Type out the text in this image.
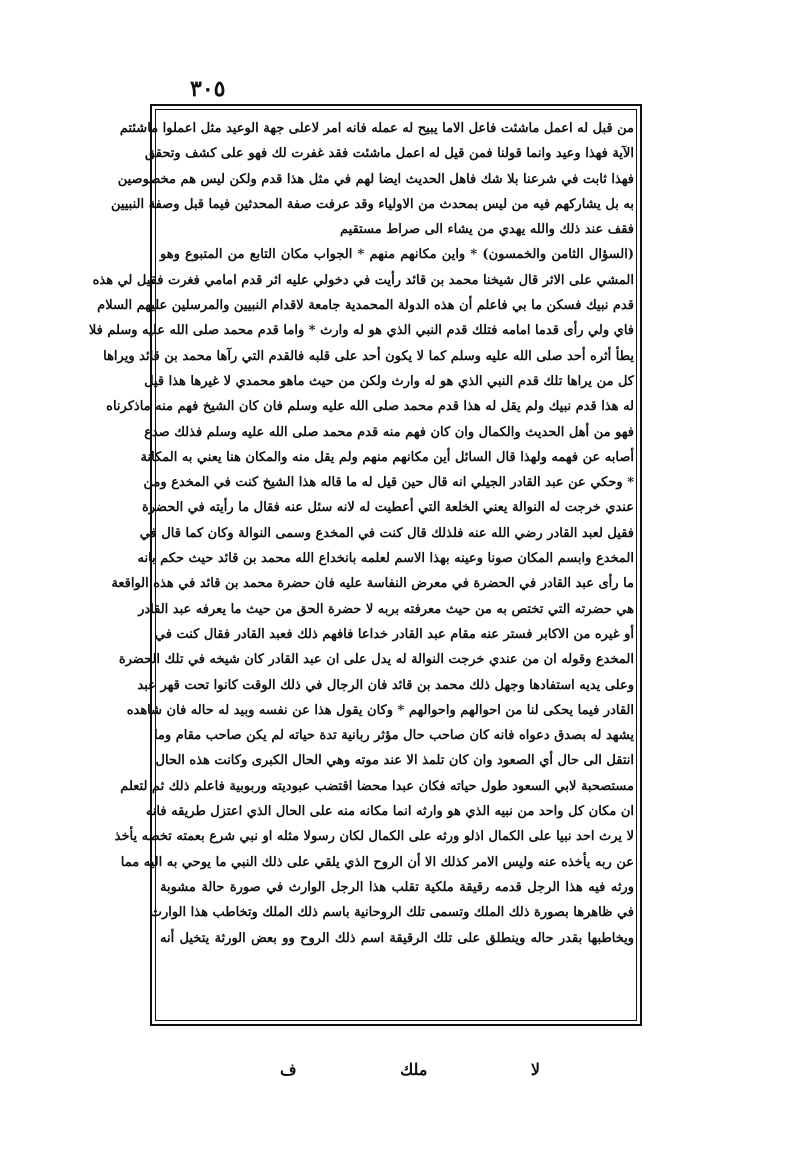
٣٠٥
من قبل له اعمل ماشئت فاعل الاما يبيح له عمله فانه امر لاعلى جهة الوعيد مثل اعملوا ماشئتم
الآية فهذا وعيد وانما قولنا فمن قيل له اعمل ماشئت فقد غفرت لك فهو على كشف وتحقق
فهذا ثابت في شرعنا بلا شك فاهل الحديث ايضا لهم في مثل هذا قدم ولكن ليس هم مخصوصين
به بل يشاركهم فيه من ليس بمحدث من الاولياء وقد عرفت صفة المحدثين فيما قبل وصفة النبيين
فقف عند ذلك والله يهدي من يشاء الى صراط مستقيم
(السؤال الثامن والخمسون) * واين مكانهم منهم * الجواب مكان التابع من المتبوع وهو
المشي على الاثر قال شيخنا محمد بن قائد رأيت في دخولي عليه اثر قدم امامي فغرت فقيل لي هذه
قدم نبيك فسكن ما بي فاعلم أن هذه الدولة المحمدية جامعة لاقدام النبيين والمرسلين عليهم السلام
فاي ولي رأى قدما امامه فتلك قدم النبي الذي هو له وارث * واما قدم محمد صلى الله عليه وسلم فلا
يطأ أثره أحد صلى الله عليه وسلم كما لا يكون أحد على قلبه فالقدم التي رآها محمد بن قائد ويراها
كل من يراها تلك قدم النبي الذي هو له وارث ولكن من حيث ماهو محمدي لا غيرها هذا قيل
له هذا قدم نبيك ولم يقل له هذا قدم محمد صلى الله عليه وسلم فان كان الشيخ فهم منه ماذكرناه
فهو من أهل الحديث والكمال وان كان فهم منه قدم محمد صلى الله عليه وسلم فذلك صدع
أصابه عن فهمه ولهذا قال السائل أين مكانهم منهم ولم يقل منه والمكان هنا يعني به المكانة
* وحكي عن عبد القادر الجيلي انه قال حين قيل له ما قاله هذا الشيخ كنت في المخدع ومن
عندي خرجت له النوالة يعني الخلعة التي أعطيت له لانه سئل عنه فقال ما رأيته في الحضرة
فقيل لعبد القادر رضي الله عنه فلذلك قال كنت في المخدع وسمى النوالة وكان كما قال في
المخدع وابسم المكان صونا وعينه بهذا الاسم لعلمه بانخداع الله محمد بن قائد حيث حكم بانه
ما رأى عبد القادر في الحضرة في معرض النفاسة عليه فان حضرة محمد بن قائد في هذه الواقعة
هي حضرته التي تختص به من حيث معرفته بربه لا حضرة الحق من حيث ما يعرفه عبد القادر
أو غيره من الاكابر فستر عنه مقام عبد القادر خداعا فافهم ذلك فعبد القادر فقال كنت في
المخدع وقوله ان من عندي خرجت النوالة له يدل على ان عبد القادر كان شيخه في تلك الحضرة
وعلى يديه استفادها وجهل ذلك محمد بن قائد فان الرجال في ذلك الوقت كانوا تحت قهر عبد
القادر فيما يحكى لنا من احوالهم واحوالهم * وكان يقول هذا عن نفسه وبيد له حاله فان شاهده
يشهد له بصدق دعواه فانه كان صاحب حال مؤثر ربانية تدة حياته لم يكن صاحب مقام وما
انتقل الى حال أي الصعود وان كان تلمذ الا عند موته وهي الحال الكبرى وكانت هذه الحال
مستصحبة لابي السعود طول حياته فكان عبدا محضا اقتضب عبوديته وربوبية فاعلم ذلك ثم لتعلم
ان مكان كل واحد من نبيه الذي هو وارثه انما مكانه منه على الحال الذي اعتزل طريقه فانه
لا يرث احد نبيا على الكمال اذلو ورثه على الكمال لكان رسولا مثله او نبي شرع بعمته تخصه يأخذ
عن ربه يأخذه عنه وليس الامر كذلك الا أن الروح الذي يلقي على ذلك النبي ما يوحي به اليه مما
ورثه فيه هذا الرجل قدمه رقيقة ملكية تقلب هذا الرجل الوارث في صورة حالة مشوبة
في ظاهرها بصورة ذلك الملك وتسمى تلك الروحانية باسم ذلك الملك وتخاطب هذا الوارث
ويخاطبها بقدر حاله وينطلق على تلك الرقيقة اسم ذلك الروح وو بعض الورثة يتخيل أنه
لا
ملك
ف
